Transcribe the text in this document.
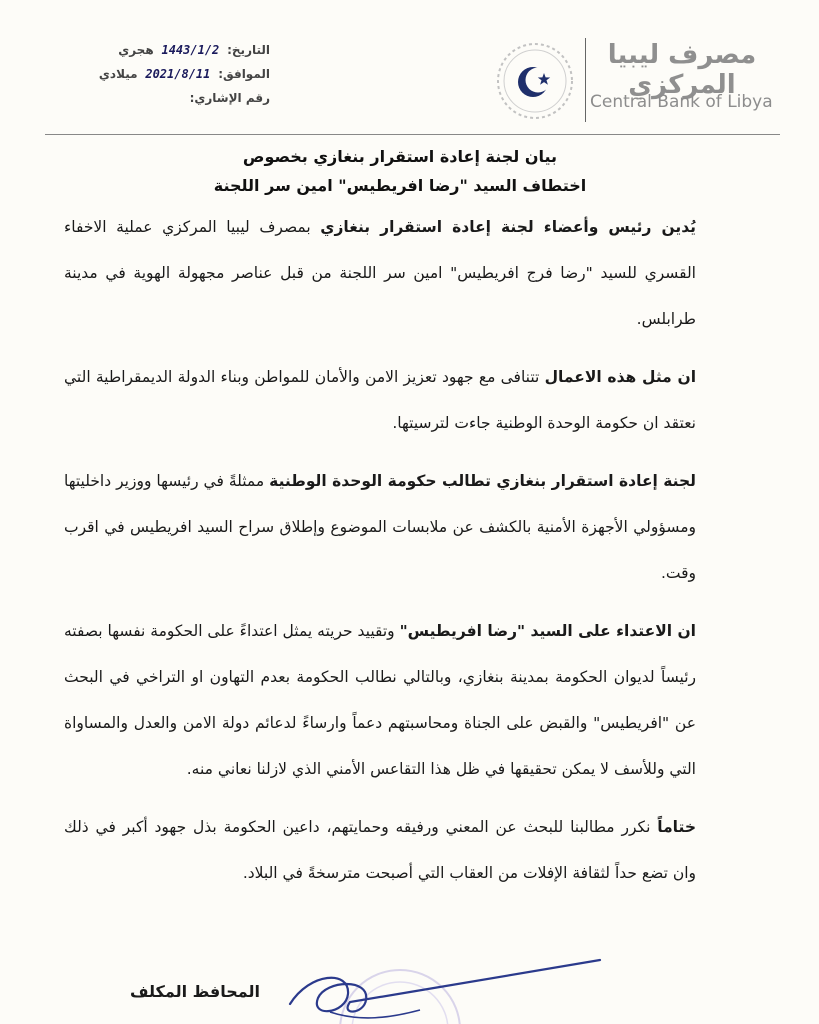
التاريخ: 1443/1/2 هجري
الموافق: 2021/8/11 ميلادي
رقم الإشاري:
مصرف ليبيا المركزي
Central Bank of Libya
بيان لجنة إعادة استقرار بنغازي بخصوص
اختطاف السيد "رضا افريطيس" امين سر اللجنة

يُدين رئيس وأعضاء لجنة إعادة استقرار بنغازي بمصرف ليبيا المركزي عملية الاخفاء القسري للسيد "رضا فرج افريطيس" امين سر اللجنة من قبل عناصر مجهولة الهوية في مدينة طرابلس.

ان مثل هذه الاعمال تتنافى مع جهود تعزيز الامن والأمان للمواطن وبناء الدولة الديمقراطية التي نعتقد ان حكومة الوحدة الوطنية جاءت لترسيتها.

لجنة إعادة استقرار بنغازي تطالب حكومة الوحدة الوطنية ممثلةً في رئيسها ووزير داخليتها ومسؤولي الأجهزة الأمنية بالكشف عن ملابسات الموضوع وإطلاق سراح السيد افريطيس في اقرب وقت.

ان الاعتداء على السيد "رضا افريطيس" وتقييد حريته يمثل اعتداءً على الحكومة نفسها بصفته رئيساً لديوان الحكومة بمدينة بنغازي، وبالتالي نطالب الحكومة بعدم التهاون او التراخي في البحث عن "افريطيس" والقبض على الجناة ومحاسبتهم دعماً وارساءً لدعائم دولة الامن والعدل والمساواة التي وللأسف لا يمكن تحقيقها في ظل هذا التقاعس الأمني الذي لازلنا نعاني منه.

ختاماً نكرر مطالبنا للبحث عن المعني ورفيقه وحمايتهم، داعين الحكومة بذل جهود أكبر في ذلك وان تضع حداً لثقافة الإفلات من العقاب التي أصبحت مترسخةً في البلاد.

المحافظ المكلف
